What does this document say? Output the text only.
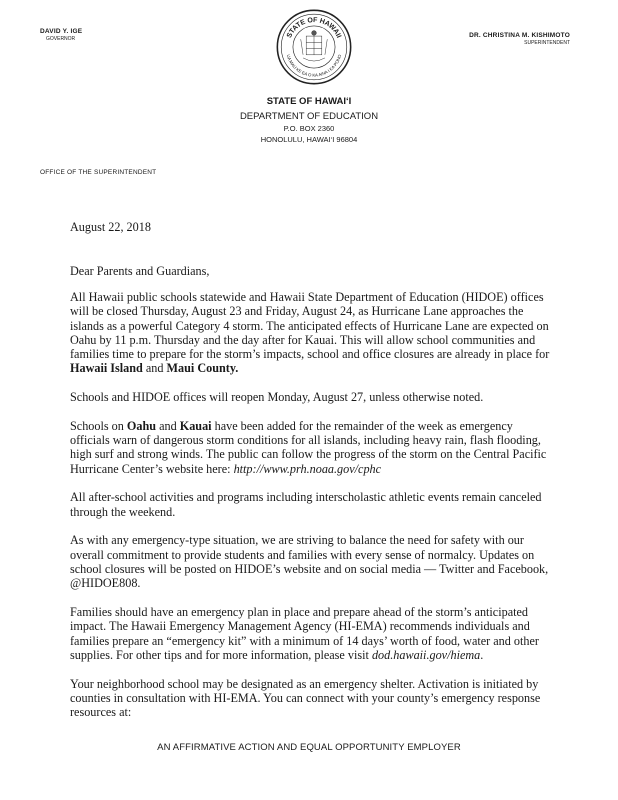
DAVID Y. IGE
GOVERNOR	STATE OF HAWAII
UA MAU KE EA O KA AINA I KA PONO
DR. CHRISTINA M. KISHIMOTO
SUPERINTENDENT
STATE OF HAWAI‘I
DEPARTMENT OF EDUCATION
P.O. BOX 2360
HONOLULU, HAWAI‘I 96804
OFFICE OF THE SUPERINTENDENT
August 22, 2018
Dear Parents and Guardians,

All Hawaii public schools statewide and Hawaii State Department of Education (HIDOE) offices will be closed Thursday, August 23 and Friday, August 24, as Hurricane Lane approaches the islands as a powerful Category 4 storm. The anticipated effects of Hurricane Lane are expected on Oahu by 11 p.m. Thursday and the day after for Kauai. This will allow school communities and families time to prepare for the storm’s impacts, school and office closures are already in place for Hawaii Island and Maui County.

Schools and HIDOE offices will reopen Monday, August 27, unless otherwise noted.

Schools on Oahu and Kauai have been added for the remainder of the week as emergency officials warn of dangerous storm conditions for all islands, including heavy rain, flash flooding, high surf and strong winds. The public can follow the progress of the storm on the Central Pacific Hurricane Center’s website here: http://www.prh.noaa.gov/cphc

All after-school activities and programs including interscholastic athletic events remain canceled through the weekend.

As with any emergency-type situation, we are striving to balance the need for safety with our overall commitment to provide students and families with every sense of normalcy. Updates on school closures will be posted on HIDOE’s website and on social media — Twitter and Facebook, @HIDOE808.

Families should have an emergency plan in place and prepare ahead of the storm’s anticipated impact. The Hawaii Emergency Management Agency (HI-EMA) recommends individuals and families prepare an “emergency kit” with a minimum of 14 days’ worth of food, water and other supplies. For other tips and for more information, please visit dod.hawaii.gov/hiema.

Your neighborhood school may be designated as an emergency shelter. Activation is initiated by counties in consultation with HI-EMA. You can connect with your county’s emergency response resources at:

AN AFFIRMATIVE ACTION AND EQUAL OPPORTUNITY EMPLOYER
